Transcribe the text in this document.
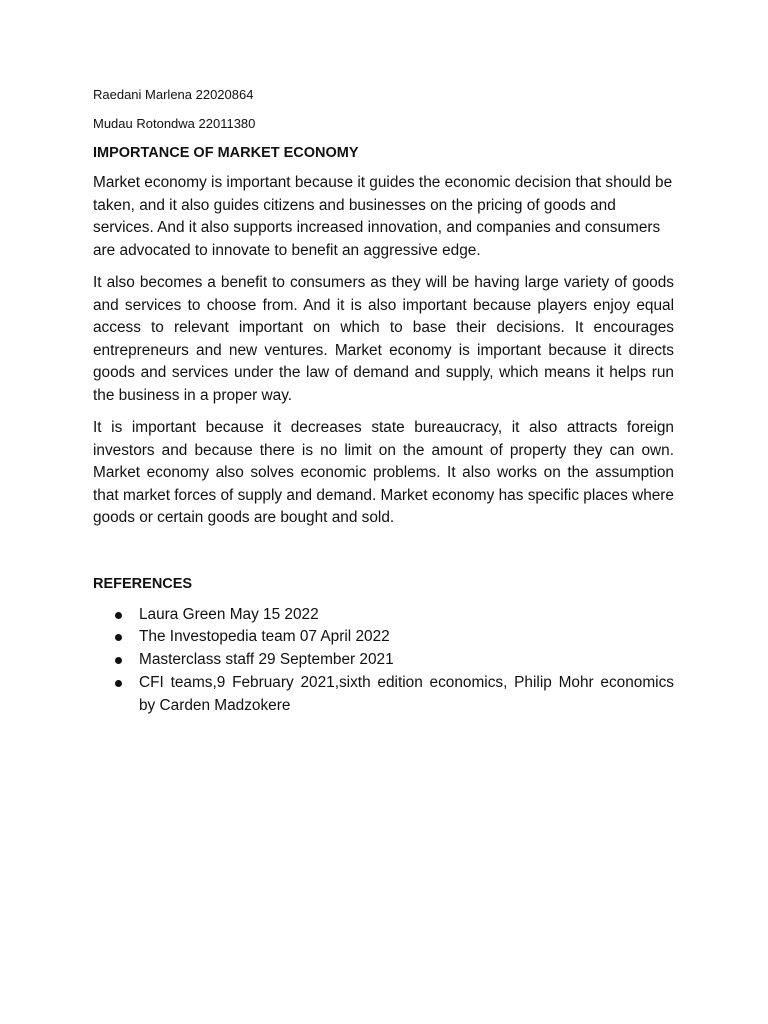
Raedani Marlena 22020864

Mudau Rotondwa 22011380

IMPORTANCE OF MARKET ECONOMY

Market economy is important because it guides the economic decision that should be taken, and it also guides citizens and businesses on the pricing of goods and services. And it also supports increased innovation, and companies and consumers are advocated to innovate to benefit an aggressive edge.

It also becomes a benefit to consumers as they will be having large variety of goods and services to choose from. And it is also important because players enjoy equal access to relevant important on which to base their decisions. It encourages entrepreneurs and new ventures. Market economy is important because it directs goods and services under the law of demand and supply, which means it helps run the business in a proper way.

It is important because it decreases state bureaucracy, it also attracts foreign investors and because there is no limit on the amount of property they can own. Market economy also solves economic problems. It also works on the assumption that market forces of supply and demand. Market economy has specific places where goods or certain goods are bought and sold.

REFERENCES
Laura Green May 15 2022
The Investopedia team 07 April 2022
Masterclass staff 29 September 2021
CFI teams,9 February 2021,sixth edition economics, Philip Mohr economics by Carden Madzokere
